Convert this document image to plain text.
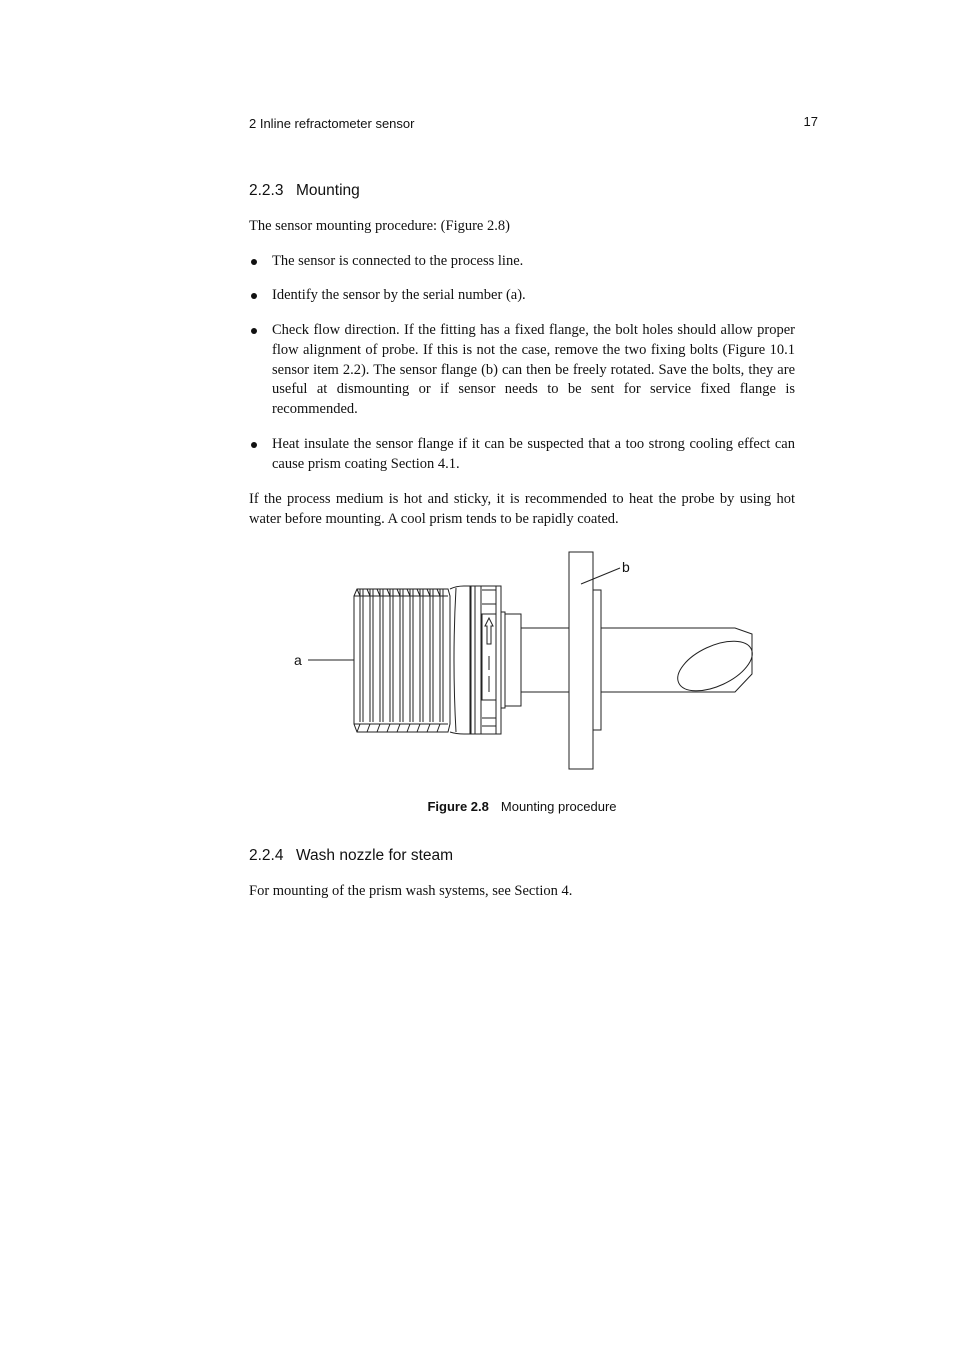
2 Inline refractometer sensor	17
2.2.3 Mounting
The sensor mounting procedure: (Figure 2.8)
The sensor is connected to the process line.
Identify the sensor by the serial number (a).
Check flow direction. If the fitting has a fixed flange, the bolt holes should allow proper flow alignment of probe. If this is not the case, remove the two fixing bolts (Figure 10.1 sensor item 2.2). The sensor flange (b) can then be freely rotated. Save the bolts, they are useful at dismounting or if sensor needs to be sent for service fixed flange is recommended.
Heat insulate the sensor flange if it can be suspected that a too strong cooling effect can cause prism coating Section 4.1.
If the process medium is hot and sticky, it is recommended to heat the probe by using hot water before mounting. A cool prism tends to be rapidly coated.
a
b
Figure 2.8 Mounting procedure
2.2.4 Wash nozzle for steam
For mounting of the prism wash systems, see Section 4.
